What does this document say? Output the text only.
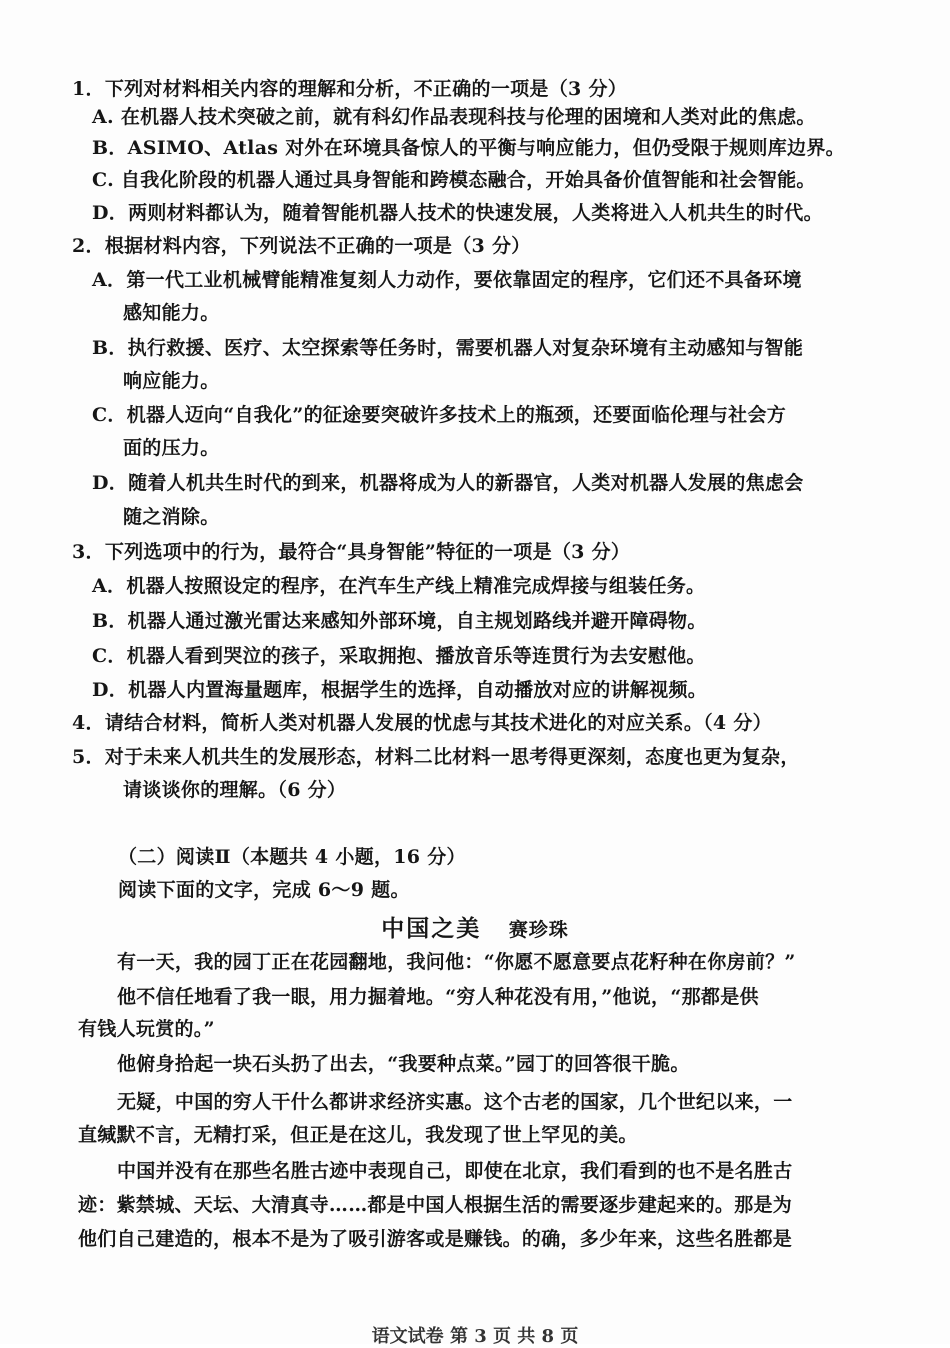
1．下列对材料相关内容的理解和分析，不正确的一项是（3 分）
A. 在机器人技术突破之前，就有科幻作品表现科技与伦理的困境和人类对此的焦虑。
B．ASIMO、Atlas 对外在环境具备惊人的平衡与响应能力，但仍受限于规则库边界。
C. 自我化阶段的机器人通过具身智能和跨模态融合，开始具备价值智能和社会智能。
D．两则材料都认为，随着智能机器人技术的快速发展，人类将进入人机共生的时代。
2．根据材料内容，下列说法不正确的一项是（3 分）
A．第一代工业机械臂能精准复刻人力动作，要依靠固定的程序，它们还不具备环境
感知能力。
B．执行救援、医疗、太空探索等任务时，需要机器人对复杂环境有主动感知与智能
响应能力。
C．机器人迈向“自我化”的征途要突破许多技术上的瓶颈，还要面临伦理与社会方
面的压力。
D．随着人机共生时代的到来，机器将成为人的新器官，人类对机器人发展的焦虑会
随之消除。
3．下列选项中的行为，最符合“具身智能”特征的一项是（3 分）
A．机器人按照设定的程序，在汽车生产线上精准完成焊接与组装任务。
B．机器人通过激光雷达来感知外部环境，自主规划路线并避开障碍物。
C．机器人看到哭泣的孩子，采取拥抱、播放音乐等连贯行为去安慰他。
D．机器人内置海量题库，根据学生的选择，自动播放对应的讲解视频。
4．请结合材料，简析人类对机器人发展的忧虑与其技术进化的对应关系。（4 分）
5．对于未来人机共生的发展形态，材料二比材料一思考得更深刻，态度也更为复杂，
请谈谈你的理解。（6 分）
（二）阅读Ⅱ（本题共 4 小题，16 分）
阅读下面的文字，完成 6～9 题。
中国之美 赛珍珠
有一天，我的园丁正在花园翻地，我问他：“你愿不愿意要点花籽种在你房前？”
他不信任地看了我一眼，用力掘着地。“穷人种花没有用，”他说，“那都是供
有钱人玩赏的。”
他俯身拾起一块石头扔了出去，“我要种点菜。”园丁的回答很干脆。
无疑，中国的穷人干什么都讲求经济实惠。这个古老的国家，几个世纪以来，一
直缄默不言，无精打采，但正是在这儿，我发现了世上罕见的美。
中国并没有在那些名胜古迹中表现自己，即使在北京，我们看到的也不是名胜古
迹：紫禁城、天坛、大清真寺……都是中国人根据生活的需要逐步建起来的。那是为
他们自己建造的，根本不是为了吸引游客或是赚钱。的确，多少年来，这些名胜都是
语文试卷 第 3 页 共 8 页
